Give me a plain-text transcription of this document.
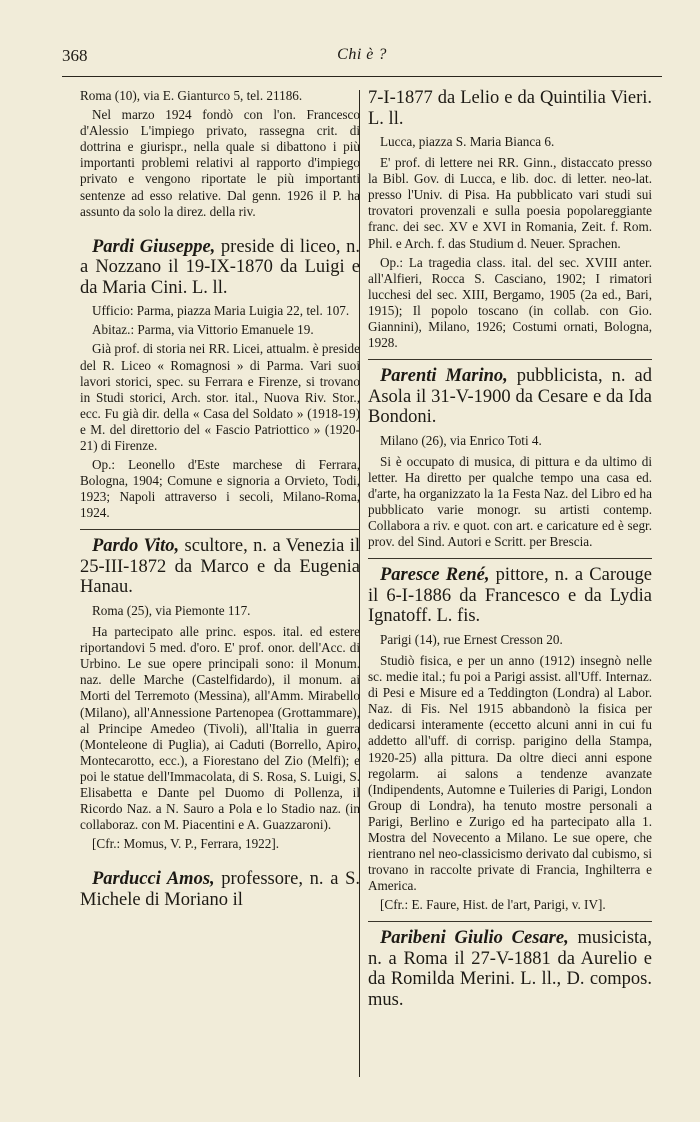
368	Chi è ?

Roma (10), via E. Gianturco 5, tel. 21186.

Nel marzo 1924 fondò con l'on. Francesco d'Alessio L'impiego privato, rassegna crit. di dottrina e giurispr., nella quale si dibattono i più importanti problemi relativi al rapporto d'impiego privato e vengono riportate le più importanti sentenze ad esso relative. Dal genn. 1926 il P. ha assunto da solo la direz. della riv.

Pardi Giuseppe, preside di liceo, n. a Nozzano il 19-IX-1870 da Luigi e da Maria Cini. L. ll.

Ufficio: Parma, piazza Maria Luigia 22, tel. 107.

Abitaz.: Parma, via Vittorio Emanuele 19.

Già prof. di storia nei RR. Licei, attualm. è preside del R. Liceo « Romagnosi » di Parma. Vari suoi lavori storici, spec. su Ferrara e Firenze, si trovano in Studi storici, Arch. stor. ital., Nuova Riv. Stor., ecc. Fu già dir. della « Casa del Soldato » (1918-19) e M. del direttorio del « Fascio Patriottico » (1920-21) di Firenze.

Op.: Leonello d'Este marchese di Ferrara, Bologna, 1904; Comune e signoria a Orvieto, Todi, 1923; Napoli attraverso i secoli, Milano-Roma, 1924.

Pardo Vito, scultore, n. a Venezia il 25-III-1872 da Marco e da Eugenia Hanau.

Roma (25), via Piemonte 117.

Ha partecipato alle princ. espos. ital. ed estere riportandovi 5 med. d'oro. E' prof. onor. dell'Acc. di Urbino. Le sue opere principali sono: il Monum. naz. delle Marche (Castelfidardo), il monum. ai Morti del Terremoto (Messina), all'Amm. Mirabello (Milano), all'Annessione Partenopea (Grottammare), al Principe Amedeo (Tivoli), all'Italia in guerra (Monteleone di Puglia), ai Caduti (Borrello, Apiro, Montecarotto, ecc.), a Fiorestano del Zio (Melfi); e poi le statue dell'Immacolata, di S. Rosa, S. Luigi, S. Elisabetta e Dante pel Duomo di Pollenza, il Ricordo Naz. a N. Sauro a Pola e lo Stadio naz. (in collaboraz. con M. Piacentini e A. Guazzaroni).

[Cfr.: Momus, V. P., Ferrara, 1922].

Parducci Amos, professore, n. a S. Michele di Moriano il
7-I-1877 da Lelio e da Quintilia Vieri. L. ll.

Lucca, piazza S. Maria Bianca 6.

E' prof. di lettere nei RR. Ginn., distaccato presso la Bibl. Gov. di Lucca, e lib. doc. di letter. neo-lat. presso l'Univ. di Pisa. Ha pubblicato vari studi sui trovatori provenzali e sulla poesia popolareggiante franc. dei sec. XV e XVI in Romania, Zeit. f. Rom. Phil. e Arch. f. das Studium d. Neuer. Sprachen.

Op.: La tragedia class. ital. del sec. XVIII anter. all'Alfieri, Rocca S. Casciano, 1902; I rimatori lucchesi del sec. XIII, Bergamo, 1905 (2a ed., Bari, 1915); Il popolo toscano (in collab. con Gio. Giannini), Milano, 1926; Costumi ornati, Bologna, 1928.

Parenti Marino, pubblicista, n. ad Asola il 31-V-1900 da Cesare e da Ida Bondoni.

Milano (26), via Enrico Toti 4.

Si è occupato di musica, di pittura e da ultimo di letter. Ha diretto per qualche tempo una casa ed. d'arte, ha organizzato la 1a Festa Naz. del Libro ed ha pubblicato varie monogr. su artisti contemp. Collabora a riv. e quot. con art. e caricature ed è segr. prov. del Sind. Autori e Scritt. per Brescia.

Paresce René, pittore, n. a Carouge il 6-I-1886 da Francesco e da Lydia Ignatoff. L. fis.

Parigi (14), rue Ernest Cresson 20.

Studiò fisica, e per un anno (1912) insegnò nelle sc. medie ital.; fu poi a Parigi assist. all'Uff. Internaz. di Pesi e Misure ed a Teddington (Londra) al Labor. Naz. di Fis. Nel 1915 abbandonò la fisica per dedicarsi interamente (eccetto alcuni anni in cui fu addetto all'uff. di corrisp. parigino della Stampa, 1920-25) alla pittura. Da oltre dieci anni espone regolarm. ai salons a tendenze avanzate (Indipendents, Automne e Tuileries di Parigi, London Group di Londra), ha tenuto mostre personali a Parigi, Berlino e Zurigo ed ha partecipato alla 1. Mostra del Novecento a Milano. Le sue opere, che rientrano nel neo-classicismo derivato dal cubismo, si trovano in raccolte private di Francia, Inghilterra e America.

[Cfr.: E. Faure, Hist. de l'art, Parigi, v. IV].

Paribeni Giulio Cesare, musicista, n. a Roma il 27-V-1881 da Aurelio e da Romilda Merini. L. ll., D. compos. mus.
